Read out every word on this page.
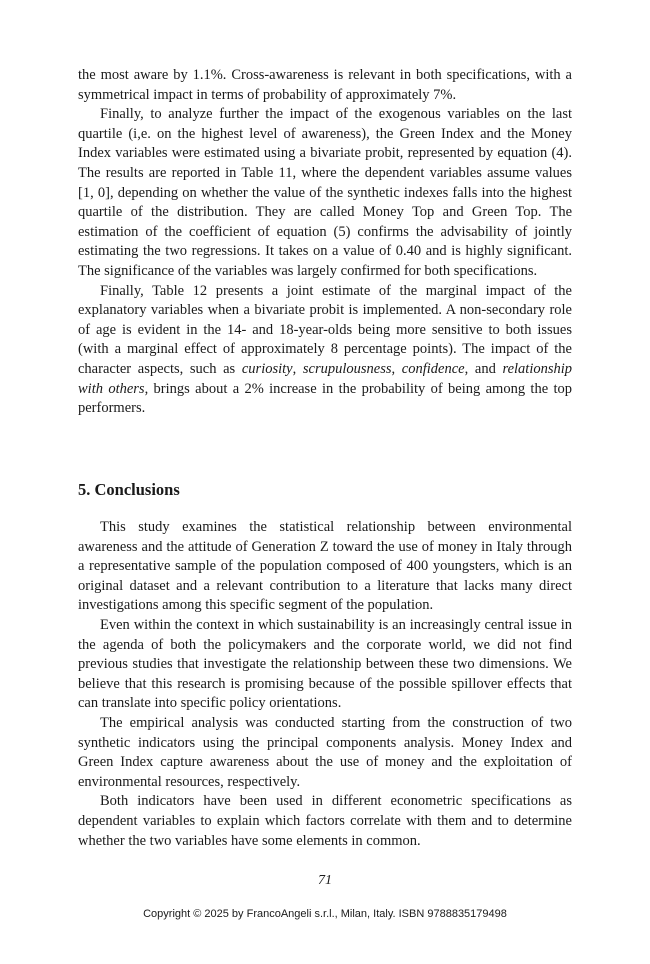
the most aware by 1.1%. Cross-awareness is relevant in both specifications, with a symmetrical impact in terms of probability of approximately 7%.

Finally, to analyze further the impact of the exogenous variables on the last quartile (i,e. on the highest level of awareness), the Green Index and the Money Index variables were estimated using a bivariate probit, represented by equation (4). The results are reported in Table 11, where the dependent variables assume values [1, 0], depending on whether the value of the synthetic indexes falls into the highest quartile of the distribution. They are called Money Top and Green Top. The estimation of the coefficient of equation (5) confirms the advisability of jointly estimating the two regressions. It takes on a value of 0.40 and is highly significant. The significance of the variables was largely confirmed for both specifications.

Finally, Table 12 presents a joint estimate of the marginal impact of the explanatory variables when a bivariate probit is implemented. A non-secondary role of age is evident in the 14- and 18-year-olds being more sensitive to both issues (with a marginal effect of approximately 8 percentage points). The impact of the character aspects, such as curiosity, scrupulousness, confidence, and relationship with others, brings about a 2% increase in the probability of being among the top performers.

5. Conclusions

This study examines the statistical relationship between environmental awareness and the attitude of Generation Z toward the use of money in Italy through a representative sample of the population composed of 400 youngsters, which is an original dataset and a relevant contribution to a literature that lacks many direct investigations among this specific segment of the population.

Even within the context in which sustainability is an increasingly central issue in the agenda of both the policymakers and the corporate world, we did not find previous studies that investigate the relationship between these two dimensions. We believe that this research is promising because of the possible spillover effects that can translate into specific policy orientations.

The empirical analysis was conducted starting from the construction of two synthetic indicators using the principal components analysis. Money Index and Green Index capture awareness about the use of money and the exploitation of environmental resources, respectively.

Both indicators have been used in different econometric specifications as dependent variables to explain which factors correlate with them and to determine whether the two variables have some elements in common.

71
Copyright © 2025 by FrancoAngeli s.r.l., Milan, Italy. ISBN 9788835179498
